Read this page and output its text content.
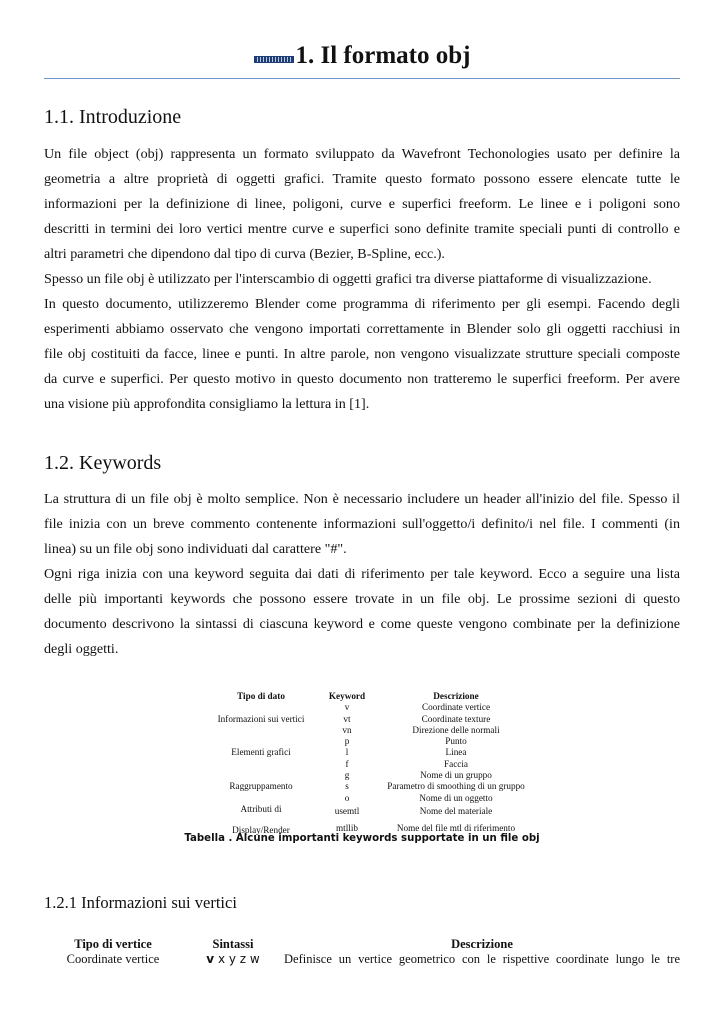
1. Il formato obj
1.1. Introduzione

Un file object (obj) rappresenta un formato sviluppato da Wavefront Techonologies usato per definire la
geometria a altre proprietà di oggetti grafici. Tramite questo formato possono essere elencate tutte le
informazioni per la definizione di linee, poligoni, curve e superfici freeform. Le linee e i poligoni sono
descritti in termini dei loro vertici mentre curve e superfici sono definite tramite speciali punti di controllo e
altri parametri che dipendono dal tipo di curva (Bezier, B-Spline, ecc.).

Spesso un file obj è utilizzato per l'interscambio di oggetti grafici tra diverse piattaforme di visualizzazione.

In questo documento, utilizzeremo Blender come programma di riferimento per gli esempi. Facendo degli
esperimenti abbiamo osservato che vengono importati correttamente in Blender solo gli oggetti racchiusi in
file obj costituiti da facce, linee e punti. In altre parole, non vengono visualizzate strutture speciali composte
da curve e superfici. Per questo motivo in questo documento non tratteremo le superfici freeform. Per avere
una visione più approfondita consigliamo la lettura in [1].

1.2. Keywords

La struttura di un file obj è molto semplice. Non è necessario includere un header all'inizio del file. Spesso il
file inizia con un breve commento contenente informazioni sull'oggetto/i definito/i nel file. I commenti (in
linea) su un file obj sono individuati dal carattere "#".

Ogni riga inizia con una keyword seguita dai dati di riferimento per tale keyword. Ecco a seguire una lista
delle più importanti keywords che possono essere trovate in un file obj. Le prossime sezioni di questo
documento descrivono la sintassi di ciascuna keyword e come queste vengono combinate per la definizione
degli oggetti.

Tipo di dato	Keyword	Descrizione

Informazioni sui vertici	v	Coordinate vertice
	vt	Coordinate texture
	vn	Direzione delle normali

Elementi grafici	p	Punto
	l	Linea
	f	Faccia

Raggruppamento	g	Nome di un gruppo
	s	Parametro di smoothing di un gruppo
	o	Nome di un oggetto

Attributi di
Display/Render	usemtl	Nome del materiale
	mtllib	Nome del file mtl di riferimento
Tabella . Alcune importanti keywords supportate in un file obj
1.2.1 Informazioni sui vertici
Tipo di vertice	Sintassi	Descrizione
Coordinate vertice	v x y z w	Definisce un vertice geometrico con le rispettive coordinate lungo le tre
